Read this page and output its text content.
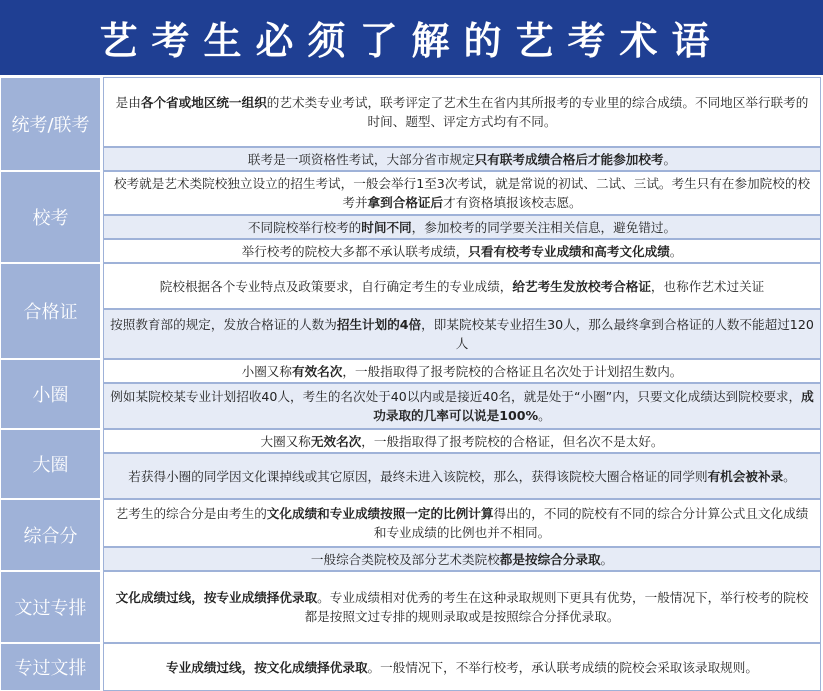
艺考生必须了解的艺考术语
统考/联考
是由各个省或地区统一组织的艺术类专业考试，联考评定了艺术生在省内其所报考的专业里的综合成绩。不同地区举行联考的时间、题型、评定方式均有不同。
联考是一项资格性考试，大部分省市规定只有联考成绩合格后才能参加校考。
校考
校考就是艺术类院校独立设立的招生考试，一般会举行1至3次考试，就是常说的初试、二试、三试。考生只有在参加院校的校考并拿到合格证后才有资格填报该校志愿。
不同院校举行校考的时间不同，参加校考的同学要关注相关信息，避免错过。
举行校考的院校大多都不承认联考成绩，只看有校考专业成绩和高考文化成绩。
合格证
院校根据各个专业特点及政策要求，自行确定考生的专业成绩，给艺考生发放校考合格证，也称作艺术过关证
按照教育部的规定，发放合格证的人数为招生计划的4倍，即某院校某专业招生30人，那么最终拿到合格证的人数不能超过120人
小圈
小圈又称有效名次，一般指取得了报考院校的合格证且名次处于计划招生数内。
例如某院校某专业计划招收40人，考生的名次处于40以内或是接近40名，就是处于“小圈”内，只要文化成绩达到院校要求，成功录取的几率可以说是100%。
大圈
大圈又称无效名次，一般指取得了报考院校的合格证，但名次不是太好。
若获得小圈的同学因文化课掉线或其它原因，最终未进入该院校，那么，获得该院校大圈合格证的同学则有机会被补录。
综合分
艺考生的综合分是由考生的文化成绩和专业成绩按照一定的比例计算得出的，不同的院校有不同的综合分计算公式且文化成绩和专业成绩的比例也并不相同。
一般综合类院校及部分艺术类院校都是按综合分录取。
文过专排
文化成绩过线，按专业成绩择优录取。专业成绩相对优秀的考生在这种录取规则下更具有优势，一般情况下，举行校考的院校都是按照文过专排的规则录取或是按照综合分择优录取。
专过文排	专业成绩过线，按文化成绩择优录取。一般情况下，不举行校考，承认联考成绩的院校会采取该录取规则。
